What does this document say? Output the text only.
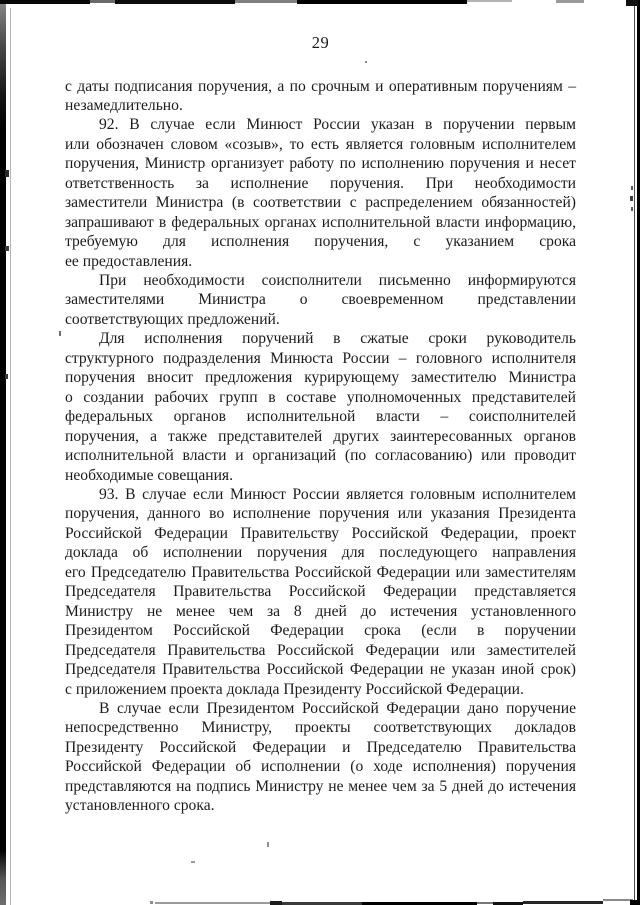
29
с даты подписания поручения, а по срочным и оперативным поручениям –
незамедлительно.
92. В случае если Минюст России указан в поручении первым
или обозначен словом «созыв», то есть является головным исполнителем
поручения, Министр организует работу по исполнению поручения и несет
ответственность за исполнение поручения. При необходимости
заместители Министра (в соответствии с распределением обязанностей)
запрашивают в федеральных органах исполнительной власти информацию,
требуемую для исполнения поручения, с указанием срока
ее предоставления.
При необходимости соисполнители письменно информируются
заместителями Министра о своевременном представлении
соответствующих предложений.
Для исполнения поручений в сжатые сроки руководитель
структурного подразделения Минюста России – головного исполнителя
поручения вносит предложения курирующему заместителю Министра
о создании рабочих групп в составе уполномоченных представителей
федеральных органов исполнительной власти – соисполнителей
поручения, а также представителей других заинтересованных органов
исполнительной власти и организаций (по согласованию) или проводит
необходимые совещания.
93. В случае если Минюст России является головным исполнителем
поручения, данного во исполнение поручения или указания Президента
Российской Федерации Правительству Российской Федерации, проект
доклада об исполнении поручения для последующего направления
его Председателю Правительства Российской Федерации или заместителям
Председателя Правительства Российской Федерации представляется
Министру не менее чем за 8 дней до истечения установленного
Президентом Российской Федерации срока (если в поручении
Председателя Правительства Российской Федерации или заместителей
Председателя Правительства Российской Федерации не указан иной срок)
с приложением проекта доклада Президенту Российской Федерации.
В случае если Президентом Российской Федерации дано поручение
непосредственно Министру, проекты соответствующих докладов
Президенту Российской Федерации и Председателю Правительства
Российской Федерации об исполнении (о ходе исполнения) поручения
представляются на подпись Министру не менее чем за 5 дней до истечения
установленного срока.
